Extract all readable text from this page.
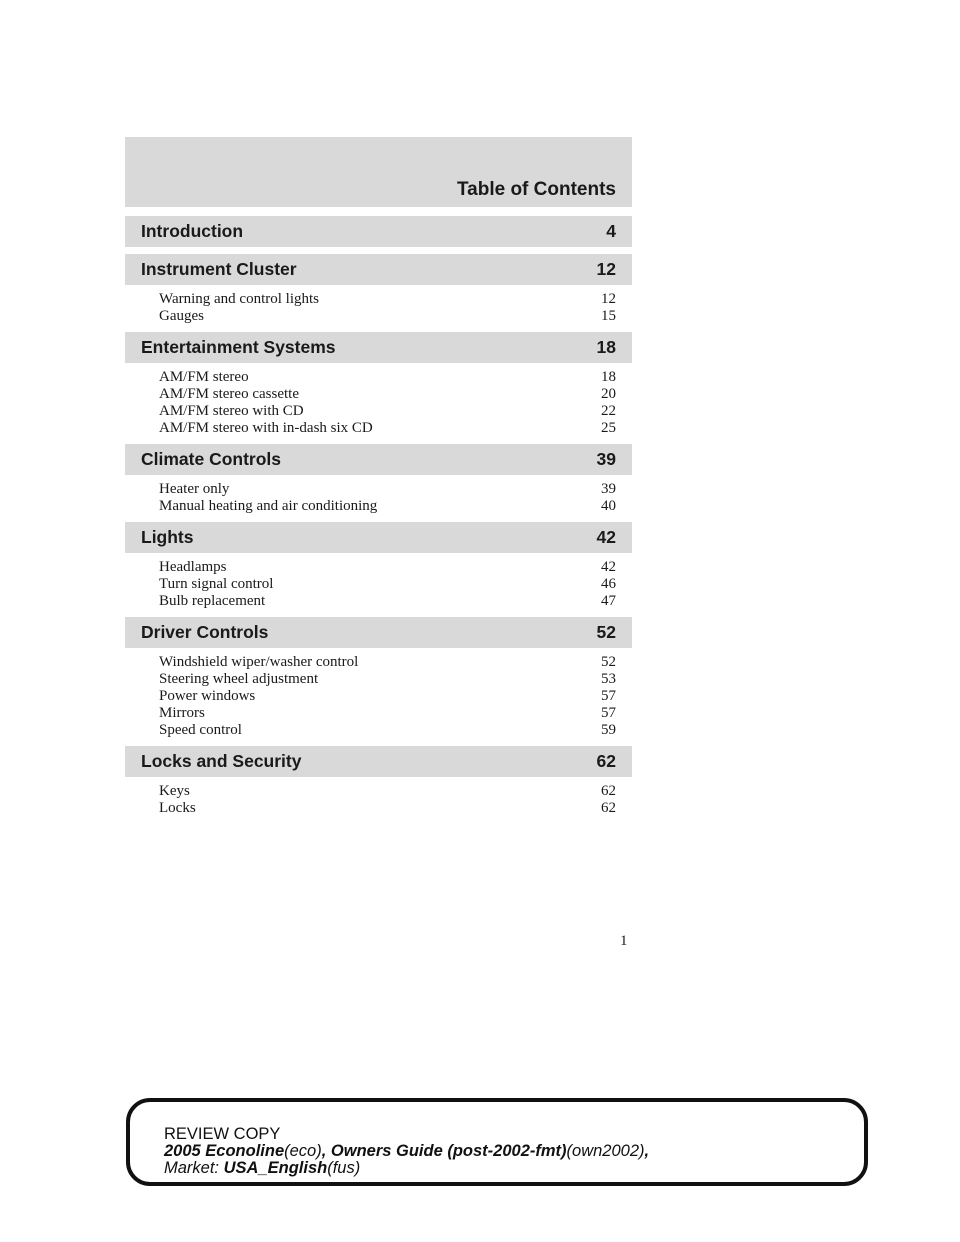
Table of Contents
Introduction	4
Instrument Cluster	12
Warning and control lights	12
Gauges	15
Entertainment Systems	18
AM/FM stereo	18
AM/FM stereo cassette	20
AM/FM stereo with CD	22
AM/FM stereo with in-dash six CD	25
Climate Controls	39
Heater only	39
Manual heating and air conditioning	40
Lights	42
Headlamps	42
Turn signal control	46
Bulb replacement	47
Driver Controls	52
Windshield wiper/washer control	52
Steering wheel adjustment	53
Power windows	57
Mirrors	57
Speed control	59
Locks and Security	62
Keys	62
Locks	62
1
REVIEW COPY
2005 Econoline(eco), Owners Guide (post-2002-fmt)(own2002),
Market: USA_English(fus)
